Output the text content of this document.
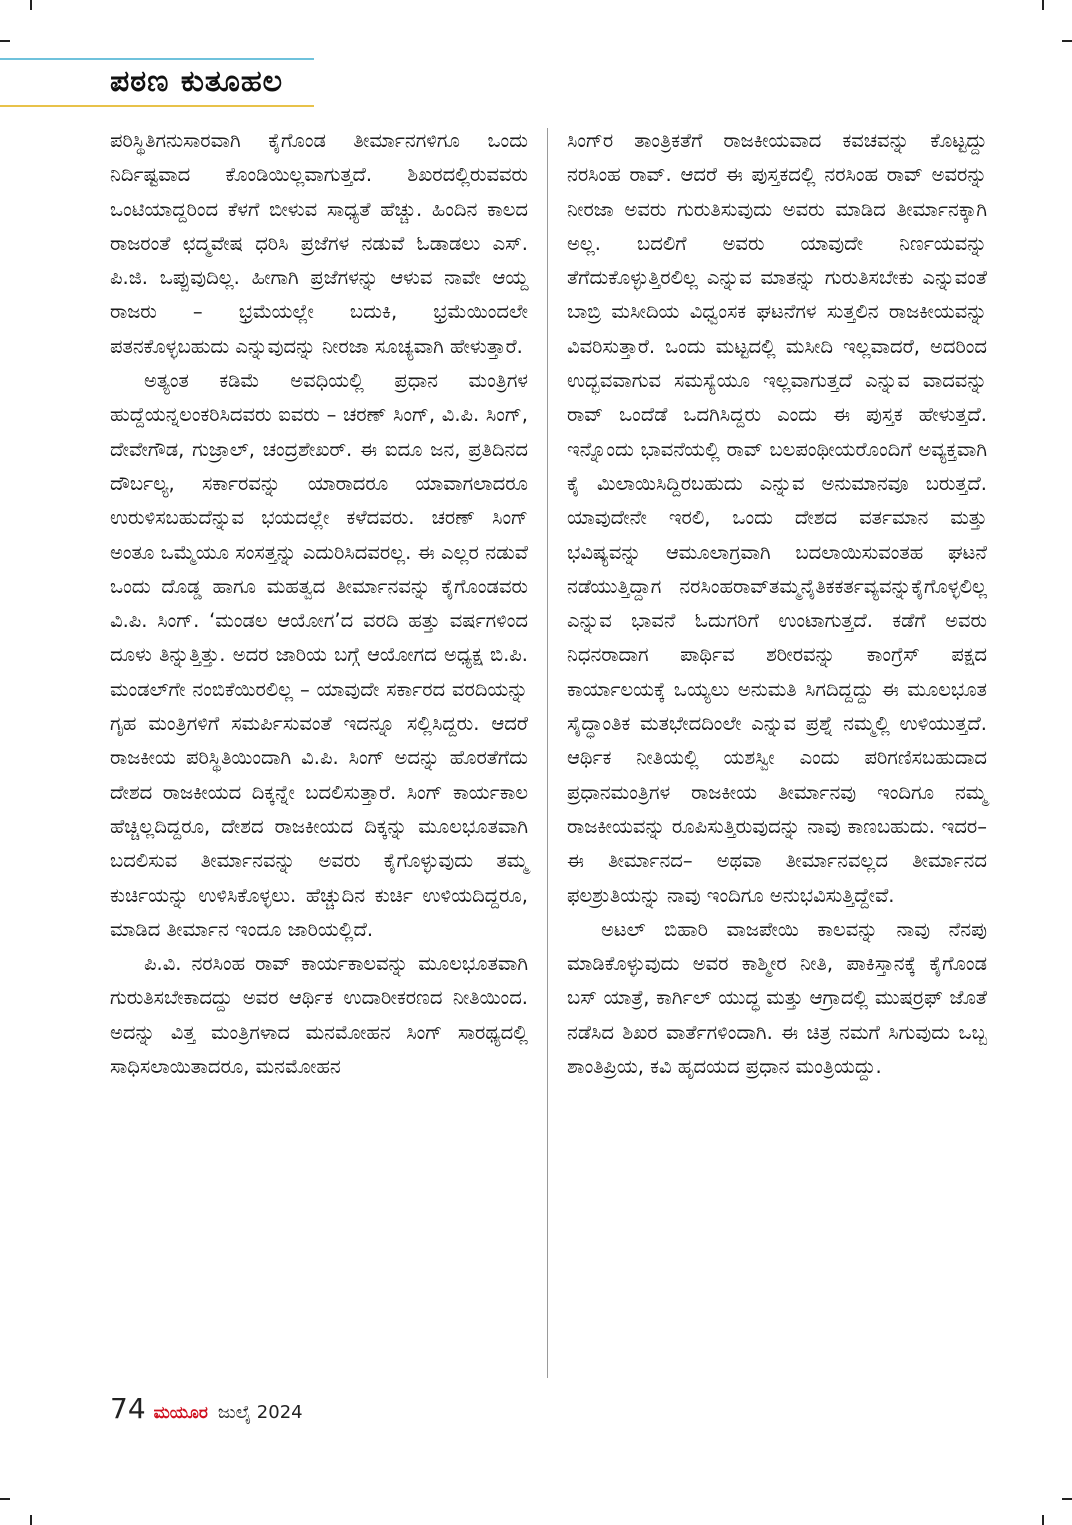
ಪಠಣ ಕುತೂಹಲ

ಪರಿಸ್ಥಿತಿಗನುಸಾರವಾಗಿ ಕೈಗೊಂಡ ತೀರ್ಮಾನಗಳಿಗೂ ಒಂದು ನಿರ್ದಿಷ್ಟವಾದ ಕೊಂಡಿಯಿಲ್ಲವಾಗುತ್ತದೆ. ಶಿಖರದಲ್ಲಿರುವವರು ಒಂಟಿಯಾದ್ದರಿಂದ ಕೆಳಗೆ ಬೀಳುವ ಸಾಧ್ಯತೆ ಹೆಚ್ಚು. ಹಿಂದಿನ ಕಾಲದ ರಾಜರಂತೆ ಛದ್ಮವೇಷ ಧರಿಸಿ ಪ್ರಜೆಗಳ ನಡುವೆ ಓಡಾಡಲು ಎಸ್. ಪಿ.ಜಿ. ಒಪ್ಪುವುದಿಲ್ಲ. ಹೀಗಾಗಿ ಪ್ರಜೆಗಳನ್ನು ಆಳುವ ನಾವೇ ಆಯ್ದ ರಾಜರು – ಭ್ರಮೆಯಲ್ಲೇ ಬದುಕಿ, ಭ್ರಮೆಯಿಂದಲೇ ಪತನಕೊಳ್ಳಬಹುದು ಎನ್ನುವುದನ್ನು ನೀರಜಾ ಸೂಚ್ಯವಾಗಿ ಹೇಳುತ್ತಾರೆ.

ಅತ್ಯಂತ ಕಡಿಮೆ ಅವಧಿಯಲ್ಲಿ ಪ್ರಧಾನ ಮಂತ್ರಿಗಳ ಹುದ್ದೆಯನ್ನಲಂಕರಿಸಿದವರು ಐವರು – ಚರಣ್ ಸಿಂಗ್, ವಿ.ಪಿ. ಸಿಂಗ್, ದೇವೇಗೌಡ, ಗುಜ್ರಾಲ್, ಚಂದ್ರಶೇಖರ್. ಈ ಐದೂ ಜನ, ಪ್ರತಿದಿನದ ದೌರ್ಬಲ್ಯ, ಸರ್ಕಾರವನ್ನು ಯಾರಾದರೂ ಯಾವಾಗಲಾದರೂ ಉರುಳಿಸಬಹುದೆನ್ನುವ ಭಯದಲ್ಲೇ ಕಳೆದವರು. ಚರಣ್ ಸಿಂಗ್ ಅಂತೂ ಒಮ್ಮೆಯೂ ಸಂಸತ್ತನ್ನು ಎದುರಿಸಿದವರಲ್ಲ. ಈ ಎಲ್ಲರ ನಡುವೆ ಒಂದು ದೊಡ್ಡ ಹಾಗೂ ಮಹತ್ವದ ತೀರ್ಮಾನವನ್ನು ಕೈಗೊಂಡವರು ವಿ.ಪಿ. ಸಿಂಗ್. ‘ಮಂಡಲ ಆಯೋಗ’ದ ವರದಿ ಹತ್ತು ವರ್ಷಗಳಿಂದ ದೂಳು ತಿನ್ನುತ್ತಿತ್ತು. ಅದರ ಜಾರಿಯ ಬಗ್ಗೆ ಆಯೋಗದ ಅಧ್ಯಕ್ಷ ಬಿ.ಪಿ. ಮಂಡಲ್‌ಗೇ ನಂಬಿಕೆಯಿರಲಿಲ್ಲ – ಯಾವುದೇ ಸರ್ಕಾರದ ವರದಿಯನ್ನು ಗೃಹ ಮಂತ್ರಿಗಳಿಗೆ ಸಮರ್ಪಿಸುವಂತೆ ಇದನ್ನೂ ಸಲ್ಲಿಸಿದ್ದರು. ಆದರೆ ರಾಜಕೀಯ ಪರಿಸ್ಥಿತಿಯಿಂದಾಗಿ ವಿ.ಪಿ. ಸಿಂಗ್ ಅದನ್ನು ಹೊರತೆಗೆದು ದೇಶದ ರಾಜಕೀಯದ ದಿಕ್ಕನ್ನೇ ಬದಲಿಸುತ್ತಾರೆ. ಸಿಂಗ್ ಕಾರ್ಯಕಾಲ ಹೆಚ್ಚಿಲ್ಲದಿದ್ದರೂ, ದೇಶದ ರಾಜಕೀಯದ ದಿಕ್ಕನ್ನು ಮೂಲಭೂತವಾಗಿ ಬದಲಿಸುವ ತೀರ್ಮಾನವನ್ನು ಅವರು ಕೈಗೊಳ್ಳುವುದು ತಮ್ಮ ಕುರ್ಚಿಯನ್ನು ಉಳಿಸಿಕೊಳ್ಳಲು. ಹೆಚ್ಚುದಿನ ಕುರ್ಚಿ ಉಳಿಯದಿದ್ದರೂ, ಮಾಡಿದ ತೀರ್ಮಾನ ಇಂದೂ ಜಾರಿಯಲ್ಲಿದೆ.

ಪಿ.ವಿ. ನರಸಿಂಹ ರಾವ್ ಕಾರ್ಯಕಾಲವನ್ನು ಮೂಲಭೂತವಾಗಿ ಗುರುತಿಸಬೇಕಾದದ್ದು ಅವರ ಆರ್ಥಿಕ ಉದಾರೀಕರಣದ ನೀತಿಯಿಂದ. ಅದನ್ನು ವಿತ್ತ ಮಂತ್ರಿಗಳಾದ ಮನಮೋಹನ ಸಿಂಗ್ ಸಾರಥ್ಯದಲ್ಲಿ ಸಾಧಿಸಲಾಯಿತಾದರೂ, ಮನಮೋಹನ

ಸಿಂಗ್‌ರ ತಾಂತ್ರಿಕತೆಗೆ ರಾಜಕೀಯವಾದ ಕವಚವನ್ನು ಕೊಟ್ಟದ್ದು ನರಸಿಂಹ ರಾವ್. ಆದರೆ ಈ ಪುಸ್ತಕದಲ್ಲಿ ನರಸಿಂಹ ರಾವ್ ಅವರನ್ನು ನೀರಜಾ ಅವರು ಗುರುತಿಸುವುದು ಅವರು ಮಾಡಿದ ತೀರ್ಮಾನಕ್ಕಾಗಿ ಅಲ್ಲ. ಬದಲಿಗೆ ಅವರು ಯಾವುದೇ ನಿರ್ಣಯವನ್ನು ತೆಗೆದುಕೊಳ್ಳುತ್ತಿರಲಿಲ್ಲ ಎನ್ನುವ ಮಾತನ್ನು ಗುರುತಿಸಬೇಕು ಎನ್ನುವಂತೆ ಬಾಬ್ರಿ ಮಸೀದಿಯ ವಿಧ್ವಂಸಕ ಘಟನೆಗಳ ಸುತ್ತಲಿನ ರಾಜಕೀಯವನ್ನು ವಿವರಿಸುತ್ತಾರೆ. ಒಂದು ಮಟ್ಟದಲ್ಲಿ ಮಸೀದಿ ಇಲ್ಲವಾದರೆ, ಅದರಿಂದ ಉದ್ಭವವಾಗುವ ಸಮಸ್ಯೆಯೂ ಇಲ್ಲವಾಗುತ್ತದೆ ಎನ್ನುವ ವಾದವನ್ನು ರಾವ್ ಒಂದೆಡೆ ಒದಗಿಸಿದ್ದರು ಎಂದು ಈ ಪುಸ್ತಕ ಹೇಳುತ್ತದೆ. ಇನ್ನೊಂದು ಭಾವನೆಯಲ್ಲಿ ರಾವ್ ಬಲಪಂಥೀಯರೊಂದಿಗೆ ಅವ್ಯಕ್ತವಾಗಿ ಕೈ ಮಿಲಾಯಿಸಿದ್ದಿರಬಹುದು ಎನ್ನುವ ಅನುಮಾನವೂ ಬರುತ್ತದೆ. ಯಾವುದೇನೇ ಇರಲಿ, ಒಂದು ದೇಶದ ವರ್ತಮಾನ ಮತ್ತು ಭವಿಷ್ಯವನ್ನು ಆಮೂಲಾಗ್ರವಾಗಿ ಬದಲಾಯಿಸುವಂತಹ ಘಟನೆ ನಡೆಯುತ್ತಿದ್ದಾಗ ನರಸಿಂಹರಾವ್‌ತಮ್ಮನೈತಿಕಕರ್ತವ್ಯವನ್ನುಕೈಗೊಳ್ಳಲಿಲ್ಲ ಎನ್ನುವ ಭಾವನೆ ಓದುಗರಿಗೆ ಉಂಟಾಗುತ್ತದೆ. ಕಡೆಗೆ ಅವರು ನಿಧನರಾದಾಗ ಪಾರ್ಥಿವ ಶರೀರವನ್ನು ಕಾಂಗ್ರೆಸ್ ಪಕ್ಷದ ಕಾರ್ಯಾಲಯಕ್ಕೆ ಒಯ್ಯಲು ಅನುಮತಿ ಸಿಗದಿದ್ದದ್ದು ಈ ಮೂಲಭೂತ ಸೈದ್ಧಾಂತಿಕ ಮತಭೇದದಿಂಲೇ ಎನ್ನುವ ಪ್ರಶ್ನೆ ನಮ್ಮಲ್ಲಿ ಉಳಿಯುತ್ತದೆ. ಆರ್ಥಿಕ ನೀತಿಯಲ್ಲಿ ಯಶಸ್ವೀ ಎಂದು ಪರಿಗಣಿಸಬಹುದಾದ ಪ್ರಧಾನಮಂತ್ರಿಗಳ ರಾಜಕೀಯ ತೀರ್ಮಾನವು ಇಂದಿಗೂ ನಮ್ಮ ರಾಜಕೀಯವನ್ನು ರೂಪಿಸುತ್ತಿರುವುದನ್ನು ನಾವು ಕಾಣಬಹುದು. ಇದರ– ಈ ತೀರ್ಮಾನದ– ಅಥವಾ ತೀರ್ಮಾನವಲ್ಲದ ತೀರ್ಮಾನದ ಫಲಶ್ರುತಿಯನ್ನು ನಾವು ಇಂದಿಗೂ ಅನುಭವಿಸುತ್ತಿದ್ದೇವೆ.

ಅಟಲ್ ಬಿಹಾರಿ ವಾಜಪೇಯಿ ಕಾಲವನ್ನು ನಾವು ನೆನಪು ಮಾಡಿಕೊಳ್ಳುವುದು ಅವರ ಕಾಶ್ಮೀರ ನೀತಿ, ಪಾಕಿಸ್ತಾನಕ್ಕೆ ಕೈಗೊಂಡ ಬಸ್ ಯಾತ್ರೆ, ಕಾರ್ಗಿಲ್ ಯುದ್ಧ ಮತ್ತು ಆಗ್ರಾದಲ್ಲಿ ಮುಷರ್ರಫ್ ಜೊತೆ ನಡೆಸಿದ ಶಿಖರ ವಾರ್ತೆಗಳಿಂದಾಗಿ. ಈ ಚಿತ್ರ ನಮಗೆ ಸಿಗುವುದು ಒಬ್ಬ ಶಾಂತಿಪ್ರಿಯ, ಕವಿ ಹೃದಯದ ಪ್ರಧಾನ ಮಂತ್ರಿಯದ್ದು.

74 ಮಯೂರ ಜುಲೈ 2024
